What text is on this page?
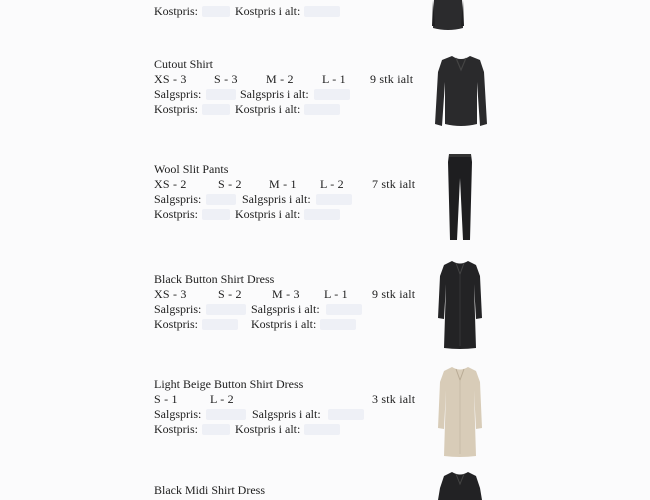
Kostpris:	Kostpris i alt:
Cutout Shirt
XS - 3 S - 3 M - 2 L - 1 9 stk ialt
Salgspris:	Salgspris i alt:
Kostpris:	Kostpris i alt:
Wool Slit Pants
XS - 2	S - 2 M - 1 L - 2 7 stk ialt
Salgspris:	Salgspris i alt:
Kostpris:	Kostpris i alt:
Black Button Shirt Dress
XS - 3	S - 2	M - 3 L - 1 9 stk ialt
Salgspris:	Salgspris i alt:
Kostpris:	Kostpris i alt:
Light Beige Button Shirt Dress
S - 1	L - 2	3 stk ialt
Salgspris:	Salgspris i alt:
Kostpris:	Kostpris i alt:
Black Midi Shirt Dress
